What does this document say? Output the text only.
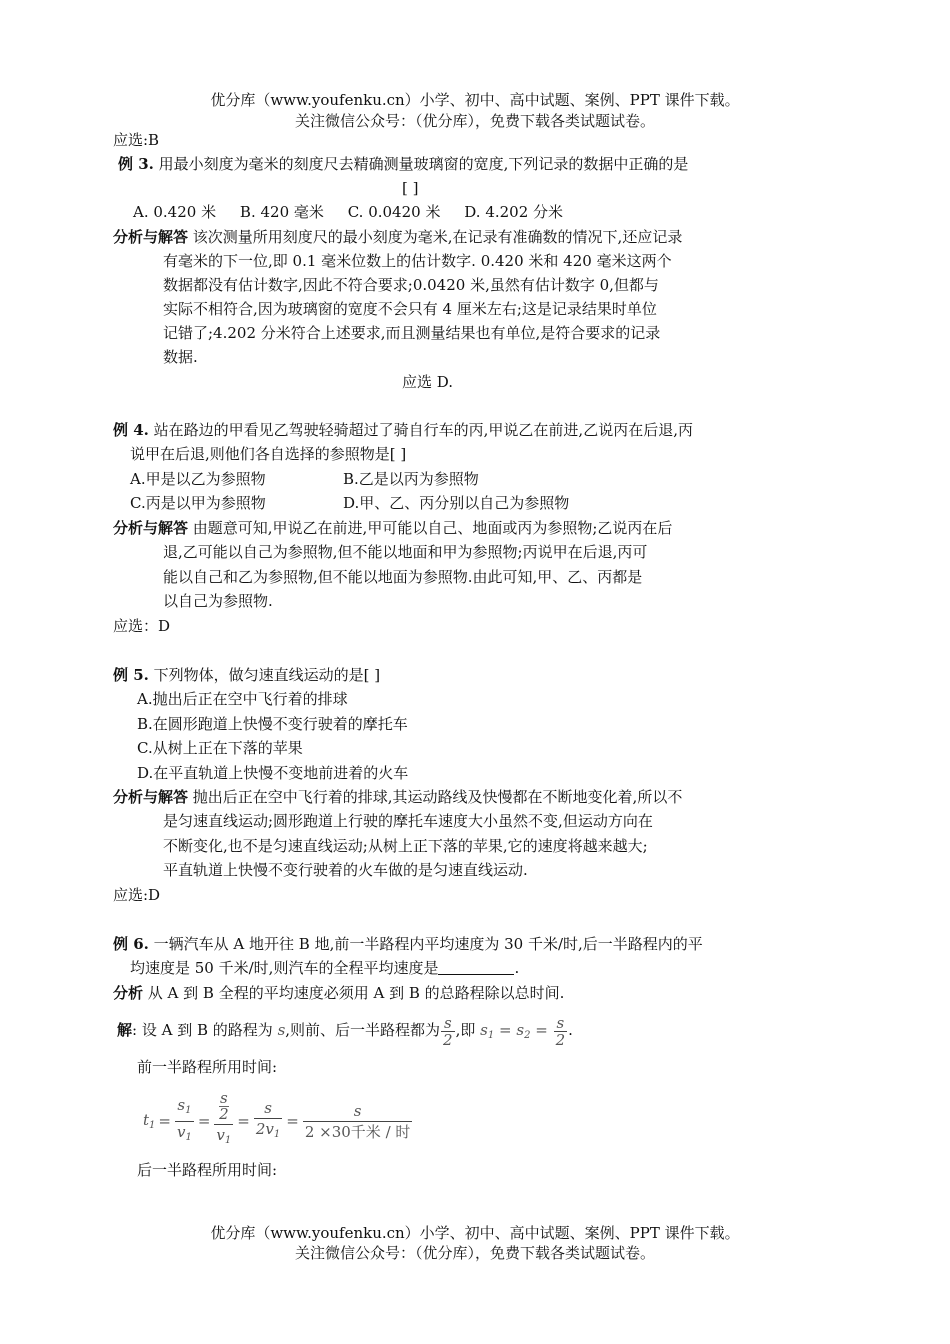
优分库（www.youfenku.cn）小学、初中、高中试题、案例、PPT 课件下载。
关注微信公众号：（优分库），免费下载各类试题试卷。
应选:B
例 3. 用最小刻度为毫米的刻度尺去精确测量玻璃窗的宽度,下列记录的数据中正确的是
[ ]
A. 0.420 米     B. 420 毫米     C. 0.0420 米     D. 4.202 分米
分析与解答 该次测量所用刻度尺的最小刻度为毫米,在记录有准确数的情况下,还应记录
有毫米的下一位,即 0.1 毫米位数上的估计数字. 0.420 米和 420 毫米这两个
数据都没有估计数字,因此不符合要求;0.0420 米,虽然有估计数字 0,但都与
实际不相符合,因为玻璃窗的宽度不会只有 4 厘米左右;这是记录结果时单位
记错了;4.202 分米符合上述要求,而且测量结果也有单位,是符合要求的记录
数据.
应选 D.
例 4. 站在路边的甲看见乙驾驶轻骑超过了骑自行车的丙,甲说乙在前进,乙说丙在后退,丙
说甲在后退,则他们各自选择的参照物是[ ]
A.甲是以乙为参照物	B.乙是以丙为参照物
C.丙是以甲为参照物	D.甲、乙、丙分别以自己为参照物
分析与解答 由题意可知,甲说乙在前进,甲可能以自己、地面或丙为参照物;乙说丙在后
退,乙可能以自己为参照物,但不能以地面和甲为参照物;丙说甲在后退,丙可
能以自己和乙为参照物,但不能以地面为参照物.由此可知,甲、乙、丙都是
以自己为参照物.
应选：D
例 5. 下列物体，做匀速直线运动的是[ ]
A.抛出后正在空中飞行着的排球
B.在圆形跑道上快慢不变行驶着的摩托车
C.从树上正在下落的苹果
D.在平直轨道上快慢不变地前进着的火车
分析与解答 抛出后正在空中飞行着的排球,其运动路线及快慢都在不断地变化着,所以不
是匀速直线运动;圆形跑道上行驶的摩托车速度大小虽然不变,但运动方向在
不断变化,也不是匀速直线运动;从树上正下落的苹果,它的速度将越来越大;
平直轨道上快慢不变行驶着的火车做的是匀速直线运动.
应选:D
例 6. 一辆汽车从 A 地开往 B 地,前一半路程内平均速度为 30 千米/时,后一半路程内的平
均速度是 50 千米/时,则汽车的全程平均速度是	.
分析 从 A 到 B 全程的平均速度必须用 A 到 B 的总路程除以总时间.
解: 设 A 到 B 的路程为 s,则前、后一半路程都为 $\frac{s}{2}$ ,即 $s_1 = s_2 = \frac{s}{2}$ .
前一半路程所用时间:
$t_1 = \frac{s_1}{v_1} = \frac{\frac{s}{2}}{v_1} = \frac{s}{2v_1} = \frac{s}{\text{2 ×30千米 / 时}}$
后一半路程所用时间:
优分库（www.youfenku.cn）小学、初中、高中试题、案例、PPT 课件下载。
关注微信公众号：（优分库），免费下载各类试题试卷。
